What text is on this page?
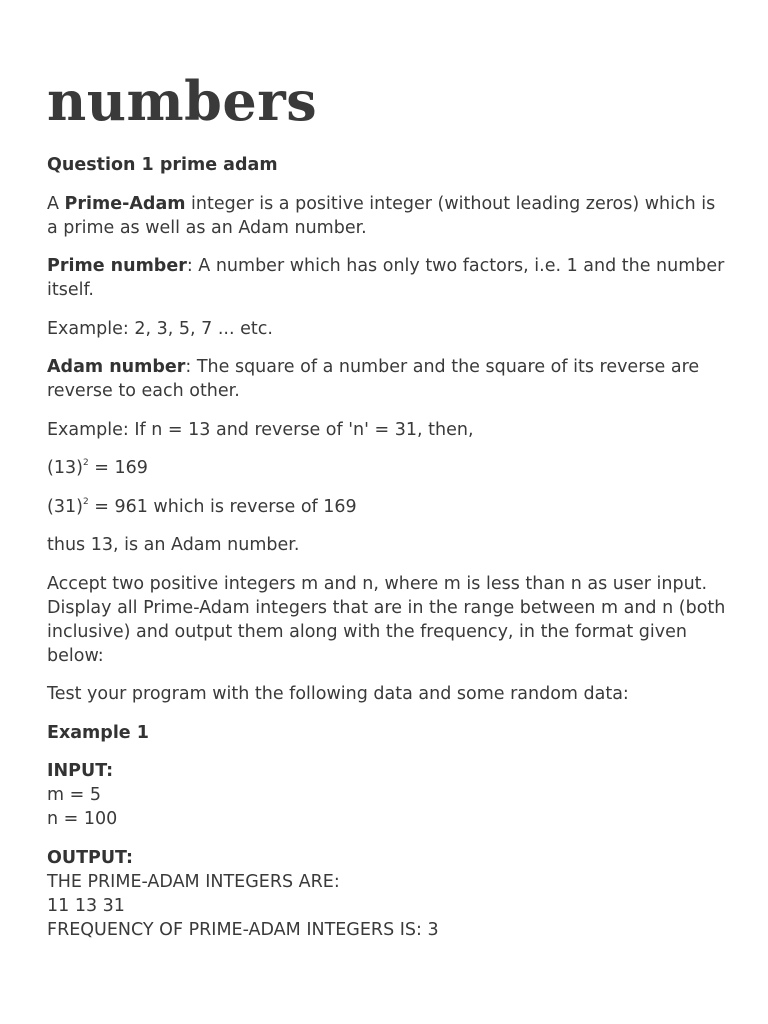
numbers

Question 1 prime adam

A Prime-Adam integer is a positive integer (without leading zeros) which is a prime as well as an Adam number.

Prime number: A number which has only two factors, i.e. 1 and the number itself.

Example: 2, 3, 5, 7 ... etc.

Adam number: The square of a number and the square of its reverse are reverse to each other.

Example: If n = 13 and reverse of 'n' = 31, then,

$(13)^2 = 169$

$(31)^2 = 961$ which is reverse of 169

thus 13, is an Adam number.

Accept two positive integers m and n, where m is less than n as user input. Display all Prime-Adam integers that are in the range between m and n (both inclusive) and output them along with the frequency, in the format given below:

Test your program with the following data and some random data:

Example 1

INPUT:
m = 5
n = 100

OUTPUT:
THE PRIME-ADAM INTEGERS ARE:
11 13 31
FREQUENCY OF PRIME-ADAM INTEGERS IS: 3
